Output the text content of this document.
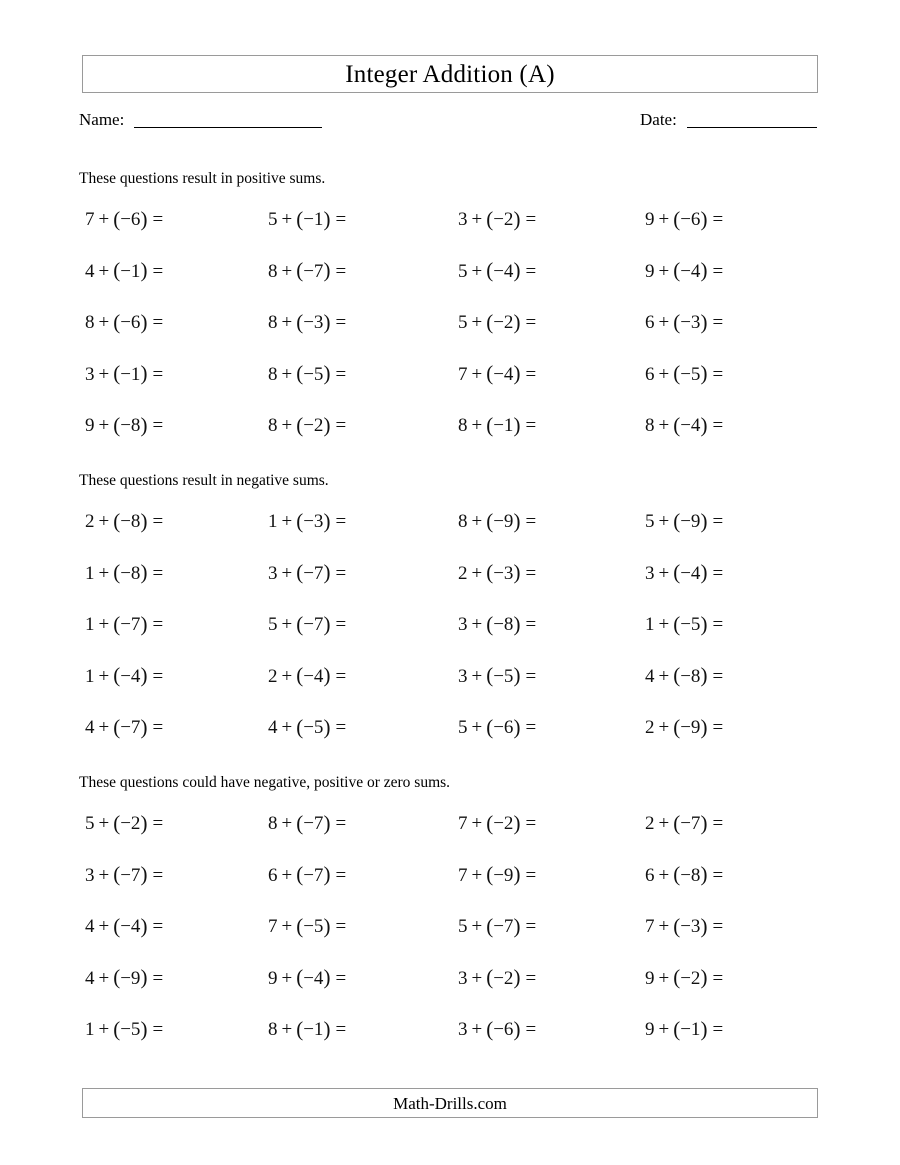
Integer Addition (A)
Name:	Date:
These questions result in positive sums.
7 + (−6) =	5 + (−1) =	3 + (−2) =	9 + (−6) =
4 + (−1) =	8 + (−7) =	5 + (−4) =	9 + (−4) =
8 + (−6) =	8 + (−3) =	5 + (−2) =	6 + (−3) =
3 + (−1) =	8 + (−5) =	7 + (−4) =	6 + (−5) =
9 + (−8) =	8 + (−2) =	8 + (−1) =	8 + (−4) =
These questions result in negative sums.
2 + (−8) =	1 + (−3) =	8 + (−9) =	5 + (−9) =
1 + (−8) =	3 + (−7) =	2 + (−3) =	3 + (−4) =
1 + (−7) =	5 + (−7) =	3 + (−8) =	1 + (−5) =
1 + (−4) =	2 + (−4) =	3 + (−5) =	4 + (−8) =
4 + (−7) =	4 + (−5) =	5 + (−6) =	2 + (−9) =
These questions could have negative, positive or zero sums.
5 + (−2) =	8 + (−7) =	7 + (−2) =	2 + (−7) =
3 + (−7) =	6 + (−7) =	7 + (−9) =	6 + (−8) =
4 + (−4) =	7 + (−5) =	5 + (−7) =	7 + (−3) =
4 + (−9) =	9 + (−4) =	3 + (−2) =	9 + (−2) =
1 + (−5) =	8 + (−1) =	3 + (−6) =	9 + (−1) =
Math-Drills.com
